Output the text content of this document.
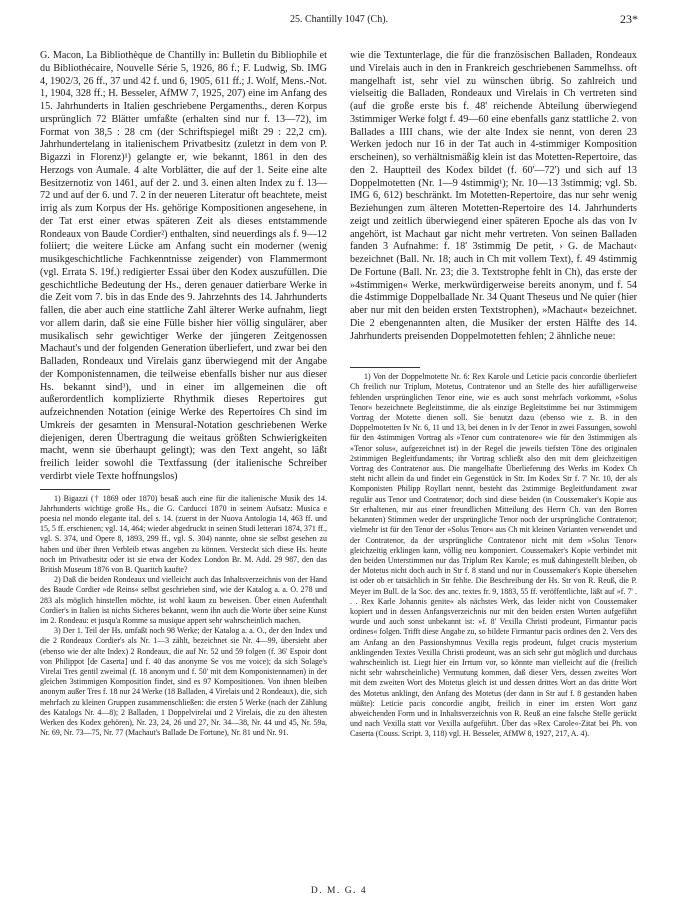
25. Chantilly 1047 (Ch).	23*

G. Macon, La Bibliothèque de Chantilly in: Bulletin du Bibliophile et du Bibliothécaire, Nouvelle Série 5, 1926, 86 f.; F. Ludwig, Sb. IMG 4, 1902/3, 26 ff., 37 und 42 f. und 6, 1905, 611 ff.; J. Wolf, Mens.-Not. 1, 1904, 328 ff.; H. Besseler, AfMW 7, 1925, 207) eine im Anfang des 15. Jahrhunderts in Italien geschriebene Pergamenths., deren Korpus ursprünglich 72 Blätter umfaßte (erhalten sind nur f. 13—72), im Format von 38,5 : 28 cm (der Schriftspiegel mißt 29 : 22,2 cm). Jahrhundertelang in italienischem Privatbesitz (zuletzt in dem von P. Bigazzi in Florenz)¹) gelangte er, wie bekannt, 1861 in den des Herzogs von Aumale. 4 alte Vorblätter, die auf der 1. Seite eine alte Besitzernotiz von 1461, auf der 2. und 3. einen alten Index zu f. 13—72 und auf der 6. und 7. 2 in der neueren Literatur oft beachtete, meist irrig als zum Korpus der Hs. gehörige Kompositionen angesehene, in der Tat erst einer etwas späteren Zeit als dieses entstammende Rondeaux von Baude Cordier²) enthalten, sind neuerdings als f. 9—12 foliiert; die weitere Lücke am Anfang sucht ein moderner (wenig musikgeschichtliche Fachkenntnisse zeigender) von Flammermont (vgl. Errata S. 19f.) redigierter Essai über den Kodex auszufüllen. Die geschichtliche Bedeutung der Hs., deren genauer datierbare Werke in die Zeit vom 7. bis in das Ende des 9. Jahrzehnts des 14. Jahrhunderts fallen, die aber auch eine stattliche Zahl älterer Werke aufnahm, liegt vor allem darin, daß sie eine Fülle bisher hier völlig singulärer, aber musikalisch sehr gewichtiger Werke der jüngeren Zeitgenossen Machaut's und der folgenden Generation überliefert, und zwar bei den Balladen, Rondeaux und Virelais ganz überwiegend mit der Angabe der Komponistennamen, die teilweise ebenfalls bisher nur aus dieser Hs. bekannt sind³), und in einer im allgemeinen die oft außerordentlich komplizierte Rhythmik dieses Repertoires gut aufzeichnenden Notation (einige Werke des Repertoires Ch sind im Umkreis der gesamten in Mensural-Notation geschriebenen Werke diejenigen, deren Übertragung die weitaus größten Schwierigkeiten macht, wenn sie überhaupt gelingt); was den Text angeht, so läßt freilich leider sowohl die Textfassung (der italienische Schreiber verdirbt viele Texte hoffnungslos)

1) Bigazzi († 1869 oder 1870) besaß auch eine für die italienische Musik des 14. Jahrhunderts wichtige große Hs., die G. Carducci 1870 in seinem Aufsatz: Musica e poesia nel mondo elegante ital. del s. 14. (zuerst in der Nuova Antologia 14, 463 ff. und 15, 5 ff. erschienen; vgl. 14, 464; wieder abgedruckt in seinen Studi letterari 1874, 371 ff., vgl. S. 374, und Opere 8, 1893, 299 ff., vgl. S. 304) nannte, ohne sie selbst gesehen zu haben und über ihren Verbleib etwas angeben zu können. Versteckt sich diese Hs. heute noch im Privatbesitz oder ist sie etwa der Kodex London Br. M. Add. 29 987, den das British Museum 1876 von B. Quaritch kaufte?

2) Daß die beiden Rondeaux und vielleicht auch das Inhaltsverzeichnis von der Hand des Baude Cordier »de Reins« selbst geschrieben sind, wie der Katalog a. a. O. 278 und 283 als möglich hinstellen möchte, ist wohl kaum zu beweisen. Über einen Aufenthalt Cordier's in Italien ist nichts Sicheres bekannt, wenn ihn auch die Worte über seine Kunst im 2. Rondeau: et jusqu'a Romme sa musique appert sehr wahrscheinlich machen.

3) Der 1. Teil der Hs. umfaßt noch 98 Werke; der Katalog a. a. O., der den Index und die 2 Rondeaux Cordier's als Nr. 1—3 zählt, bezeichnet sie Nr. 4—99, übersieht aber (ebenso wie der alte Index) 2 Rondeaux, die auf Nr. 52 und 59 folgen (f. 36' Espoir dont von Philippot [de Caserta] und f. 40 das anonyme Se vos me voice); da sich Solage's Virelai Tres gentil zweimal (f. 18 anonym und f. 50' mit dem Komponistennamen) in der gleichen 3stimmigen Komposition findet, sind es 97 Kompositionen. Von ihnen bleiben anonym außer Tres f. 18 nur 24 Werke (18 Balladen, 4 Virelais und 2 Rondeaux), die, sich mehrfach zu kleinen Gruppen zusammenschließen: die ersten 5 Werke (nach der Zählung des Katalogs Nr. 4—8); 2 Balladen, 1 Doppelvirelai und 2 Virelais, die zu den ältesten Werken des Kodex gehören), Nr. 23, 24, 26 und 27, Nr. 34—38, Nr. 44 und 45, Nr. 59a, Nr. 69, Nr. 73—75, Nr. 77 (Machaut's Ballade De Fortune), Nr. 81 und Nr. 91.

wie die Textunterlage, die für die französischen Balladen, Rondeaux und Virelais auch in den in Frankreich geschriebenen Sammelhss. oft mangelhaft ist, sehr viel zu wünschen übrig. So zahlreich und vielseitig die Balladen, Rondeaux und Virelais in Ch vertreten sind (auf die große erste bis f. 48' reichende Abteilung überwiegend 3stimmiger Werke folgt f. 49—60 eine ebenfalls ganz stattliche 2. von Ballades a IIII chans, wie der alte Index sie nennt, von deren 23 Werken jedoch nur 16 in der Tat auch in 4-stimmiger Komposition erscheinen), so verhältnismäßig klein ist das Motetten-Repertoire, das den 2. Hauptteil des Kodex bildet (f. 60'—72') und sich auf 13 Doppelmotetten (Nr. 1—9 4stimmig¹); Nr. 10—13 3stimmig; vgl. Sb. IMG 6, 612) beschränkt. Im Motetten-Repertoire, das nur sehr wenig Beziehungen zum älteren Motetten-Repertoire des 14. Jahrhunderts zeigt und zeitlich überwiegend einer späteren Epoche als das von Iv angehört, ist Machaut gar nicht mehr vertreten. Von seinen Balladen fanden 3 Aufnahme: f. 18' 3stimmig De petit, › G. de Machaut‹ bezeichnet (Ball. Nr. 18; auch in Ch mit vollem Text), f. 49 4stimmig De Fortune (Ball. Nr. 23; die 3. Textstrophe fehlt in Ch), das erste der »4stimmigen« Werke, merkwürdigerweise bereits anonym, und f. 54 die 4stimmige Doppelballade Nr. 34 Quant Theseus und Ne quier (hier aber nur mit den beiden ersten Textstrophen), »Machaut« bezeichnet. Die 2 ebengenannten alten, die Musiker der ersten Hälfte des 14. Jahrhunderts preisenden Doppelmotetten fehlen; 2 ähnliche neue:

1) Von der Doppelmotette Nr. 6: Rex Karole und Leticie pacis concordie überliefert Ch freilich nur Triplum, Motetus, Contratenor und an Stelle des hier aufälligerweise fehlenden ursprünglichen Tenor eine, wie es auch sonst mehrfach vorkommt, »Solus Tenor« bezeichnete Begleitstimme, die als einzige Begleitstimme bei nur 3stimmigem Vortrag der Motette dienen soll. Sie benutzt dazu (ebenso wie z. B. in den Doppelmotetten Iv Nr. 6, 11 und 13, bei denen in Iv der Tenor in zwei Fassungen, sowohl für den 4stimmigen Vortrag als »Tenor cum contratenore« wie für den 3stimmigen als »Tenor solus«, aufgezeichnet ist) in der Regel die jeweils tiefsten Töne des originalen 2stimmigen Begleitfundaments; ihr Vortrag schließt also den mit dem gleichzeitigen Vortrag des Contratenor aus. Die mangelhafte Überlieferung des Werks im Kodex Ch steht nicht allein da und findet ein Gegenstück in Str. Im Kodex Str f. 7' Nr. 10, der als Komponisten Philipp Royllart nennt, besteht das 2stimmige Begleitfundament zwar regulär aus Tenor und Contratenor; doch sind diese beiden (in Coussemaker's Kopie aus Str erhaltenen, mir aus einer freundlichen Mitteilung des Herrn Ch. van den Borren bekannten) Stimmen weder der ursprüngliche Tenor noch der ursprüngliche Contratenor; vielmehr ist für den Tenor der »Solus Tenor« aus Ch mit kleinen Varianten verwendet und der Contratenor, da der ursprüngliche Contratenor nicht mit dem »Solus Tenor« gleichzeitig erklingen kann, völlig neu komponiert. Coussemaker's Kopie verbindet mit den beiden Unterstimmen nur das Triplum Rex Karole; es muß dahingestellt bleiben, ob der Motetus nicht doch auch in Str f. 8 stand und nur in Coussemaker's Kopie übersehen ist oder ob er tatsächlich in Str fehlte. Die Beschreibung der Hs. Str von R. Reuß, die P. Meyer im Bull. de la Soc. des anc. textes fr. 9, 1883, 55 ff. veröffentlichte, läßt auf »f. 7' . . . Rex Karle Johannis genite« als nächstes Werk, das leider nicht von Coussemaker kopiert und in dessen Anfangsverzeichnis nur mit den beiden ersten Worten aufgeführt wurde und auch sonst unbekannt ist: »f. 8' Vexilla Christi prodeunt, Firmantur pacis ordines« folgen. Trifft diese Angabe zu, so bildete Firmantur pacis ordines den 2. Vers des am Anfang an den Passionshymnus Vexilla regis prodeunt, fulget crucis mysterium anklingenden Textes Vexilla Christi prodeunt, was an sich sehr gut möglich und durchaus wahrscheinlich ist. Liegt hier ein Irrtum vor, so könnte man vielleicht auf die (freilich nicht sehr wahrscheinliche) Vermutung kommen, daß dieser Vers, dessen zweites Wort mit dem zweiten Wort des Motetus gleich ist und dessen drittes Wort an das dritte Wort des Motetus anklingt, den Anfang des Motetus (der dann in Str auf f. 8 gestanden haben müßte): Leticie pacis concordie angibt, freilich in einer im ersten Wort ganz abweichenden Form und in Inhaltsverzeichnis von R. Reuß an eine falsche Stelle gerückt und nach Vexilla statt vor Vexilla aufgeführt. Über das »Rex Carole«-Zitat bei Ph. von Caserta (Couss. Script. 3, 118) vgl. H. Besseler, AfMW 8, 1927, 217, A. 4).

D. M. G. 4
